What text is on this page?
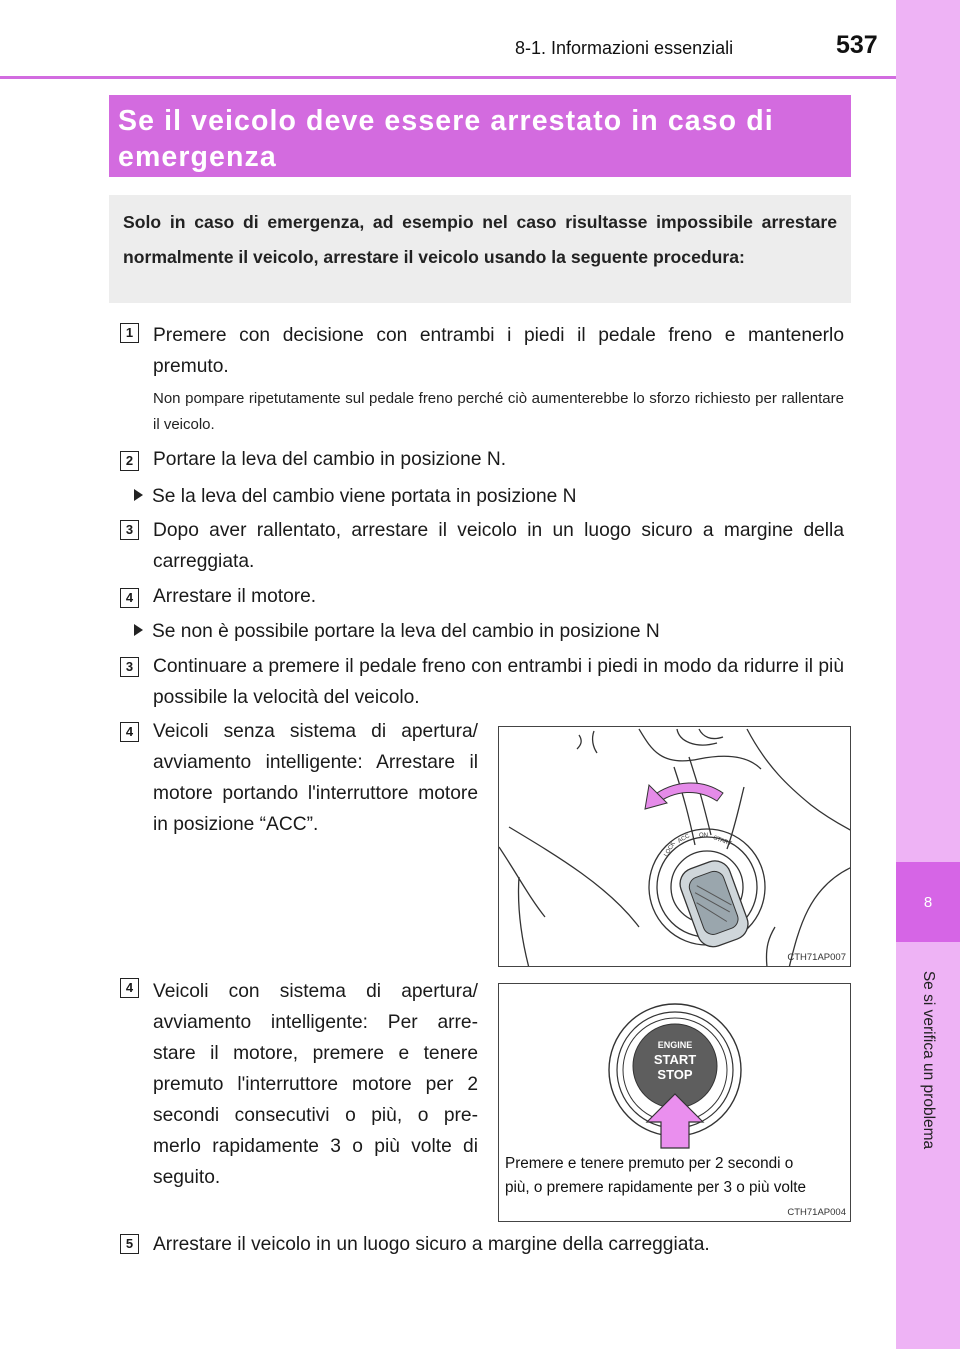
8
Se si verifica un problema
8-1. Informazioni essenziali	537
Se il veicolo deve essere arrestato in caso di
emergenza
Solo in caso di emergenza, ad esempio nel caso risultasse impossibile arrestare normalmente il veicolo, arrestare il veicolo usando la seguente procedura:
1	Premere con decisione con entrambi i piedi il pedale freno e mantenerlo premuto.
Non pompare ripetutamente sul pedale freno perché ciò aumenterebbe lo sforzo richiesto per rallentare il veicolo.
2	Portare la leva del cambio in posizione N.
Se la leva del cambio viene portata in posizione N
3	Dopo aver rallentato, arrestare il veicolo in un luogo sicuro a margine della carreggiata.
4	Arrestare il motore.
Se non è possibile portare la leva del cambio in posizione N
3	Continuare a premere il pedale freno con entrambi i piedi in modo da ridurre il più possibile la velocità del veicolo.
4	Veicoli senza sistema di apertura/ avviamento intelligente: Arrestare il motore portando l'interruttore motore in posizione “ACC”.
LOCK
ACC ON START
CTH71AP007
4	Veicoli con sistema di apertura/ avviamento intelligente: Per arre- stare il motore, premere e tenere premuto l'interruttore motore per 2 secondi consecutivi o più, o pre- merlo rapidamente 3 o più volte di seguito.
ENGINE
START
STOP
Premere e tenere premuto per 2 secondi o
più, o premere rapidamente per 3 o più volte
CTH71AP004
5	Arrestare il veicolo in un luogo sicuro a margine della carreggiata.
